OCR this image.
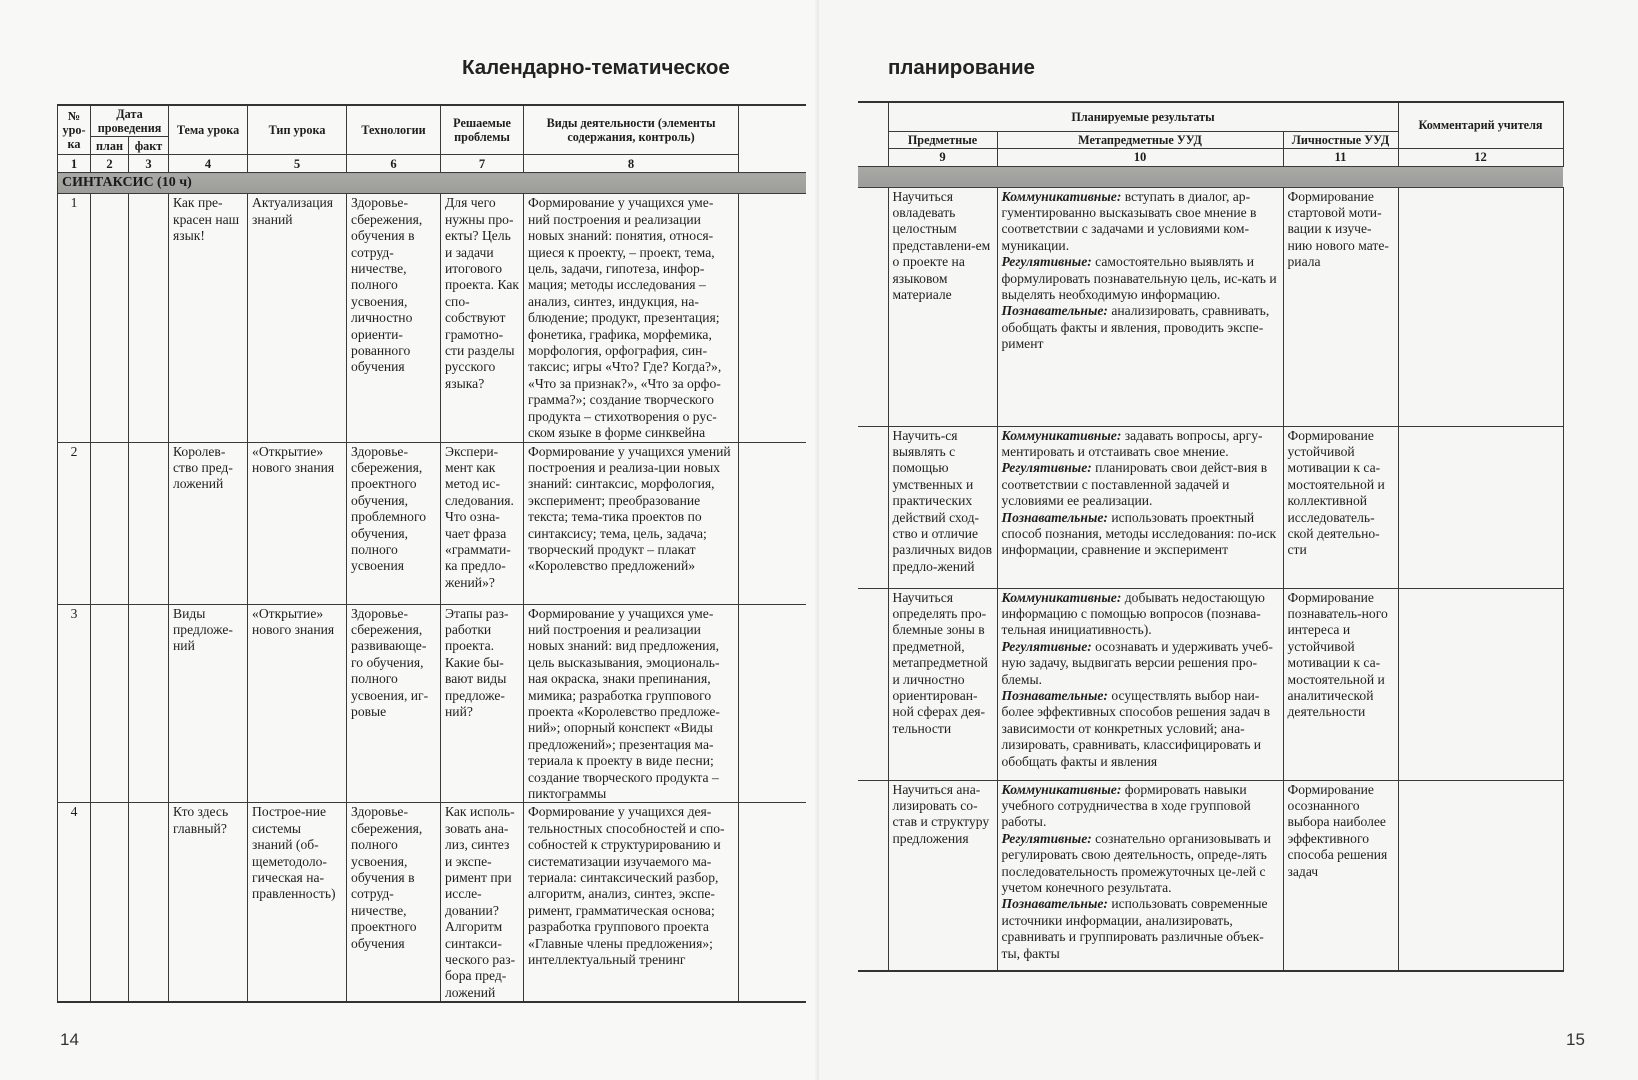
Календарно-тематическое
№ уро-ка	Дата проведения		Тема урока	Тип урока	Технологии	Решаемые проблемы	Виды деятельности (элементы содержания, контроль)	
	план	факт						
1	2	3	4	5	6	7	8	
СИНТАКСИС (10 ч)								
1			Как пре-красен наш язык!	Актуализация знаний	Здоровье-сбережения, обучения в сотруд-ничестве, полного усвоения, личностно ориенти-рованного обучения	Для чего нужны про-екты? Цель и задачи итогового проекта. Как спо-собствуют грамотно-сти разделы русского языка?	Формирование у учащихся уме-ний построения и реализации новых знаний: понятия, относя-щиеся к проекту, – проект, тема, цель, задачи, гипотеза, инфор-мация; методы исследования – анализ, синтез, индукция, на-блюдение; продукт, презентация; фонетика, графика, морфемика, морфология, орфография, син-таксис; игры «Что? Где? Когда?», «Что за признак?», «Что за орфо-грамма?»; создание творческого продукта – стихотворения о рус-ском языке в форме синквейна	
2			Королев-ство пред-ложений	«Открытие» нового знания	Здоровье-сбережения, проектного обучения, проблемного обучения, полного усвоения	Экспери-мент как метод ис-следования. Что озна-чает фраза «граммати-ка предло-жений»?	Формирование у учащихся умений построения и реализа-ции новых знаний: синтаксис, морфология, эксперимент; преобразование текста; тема-тика проектов по синтаксису; тема, цель, задача; творческий продукт – плакат «Королевство предложений»	
3			Виды предложе-ний	«Открытие» нового знания	Здоровье-сбережения, развивающе-го обучения, полного усвоения, иг-ровые	Этапы раз-работки проекта. Какие бы-вают виды предложе-ний?	Формирование у учащихся уме-ний построения и реализации новых знаний: вид предложения, цель высказывания, эмоциональ-ная окраска, знаки препинания, мимика; разработка группового проекта «Королевство предложе-ний»; опорный конспект «Виды предложений»; презентация ма-териала к проекту в виде песни; создание творческого продукта – пиктограммы	
4			Кто здесь главный?	Построе-ние системы знаний (об-щеметодоло-гическая на-правленность)	Здоровье-сбережения, полного усвоения, обучения в сотруд-ничестве, проектного обучения	Как исполь-зовать ана-лиз, синтез и экспе-римент при иссле-довании? Алгоритм синтакси-ческого раз-бора пред-ложений	Формирование у учащихся дея-тельностных способностей и спо-собностей к структурированию и систематизации изучаемого ма-териала: синтаксический разбор, алгоритм, анализ, синтез, экспе-римент, грамматическая основа; разработка группового проекта «Главные члены предложения»; интеллектуальный тренинг	
14
планирование
15
	Планируемые результаты			Комментарий учителя
	Предметные	Метапредметные УУД	Личностные УУД	
	9	10	11	12

	Научиться овладевать целостным представлени-ем о проекте на языковом материале	Коммуникативные: вступать в диалог, ар-гументированно высказывать свое мнение в соответствии с задачами и условиями ком-муникации.
Регулятивные: самостоятельно выявлять и формулировать познавательную цель, ис-кать и выделять необходимую информацию.
Познавательные: анализировать, сравнивать, обобщать факты и явления, проводить экспе-римент	Формирование стартовой моти-вации к изуче-нию нового мате-риала	
	Научить-ся выявлять с помощью умственных и практических действий сход-ство и отличие различных видов предло-жений	Коммуникативные: задавать вопросы, аргу-ментировать и отстаивать свое мнение.
Регулятивные: планировать свои дейст-вия в соответствии с поставленной задачей и условиями ее реализации.
Познавательные: использовать проектный способ познания, методы исследования: по-иск информации, сравнение и эксперимент	Формирование устойчивой мотивации к са-мостоятельной и коллективной исследователь-ской деятельно-сти	
	Научиться определять про-блемные зоны в предметной, метапредметной и личностно ориентирован-ной сферах дея-тельности	Коммуникативные: добывать недостающую информацию с помощью вопросов (познава-тельная инициативность).
Регулятивные: осознавать и удерживать учеб-ную задачу, выдвигать версии решения про-блемы.
Познавательные: осуществлять выбор наи-более эффективных способов решения задач в зависимости от конкретных условий; ана-лизировать, сравнивать, классифицировать и обобщать факты и явления	Формирование познаватель-ного интереса и устойчивой мотивации к са-мостоятельной и аналитической деятельности	
	Научиться ана-лизировать со-став и структуру предложения	Коммуникативные: формировать навыки учебного сотрудничества в ходе групповой работы.
Регулятивные: сознательно организовывать и регулировать свою деятельность, опреде-лять последовательность промежуточных це-лей с учетом конечного результата.
Познавательные: использовать современные источники информации, анализировать, сравнивать и группировать различные объек-ты, факты	Формирование осознанного выбора наиболее эффективного способа решения задач	
